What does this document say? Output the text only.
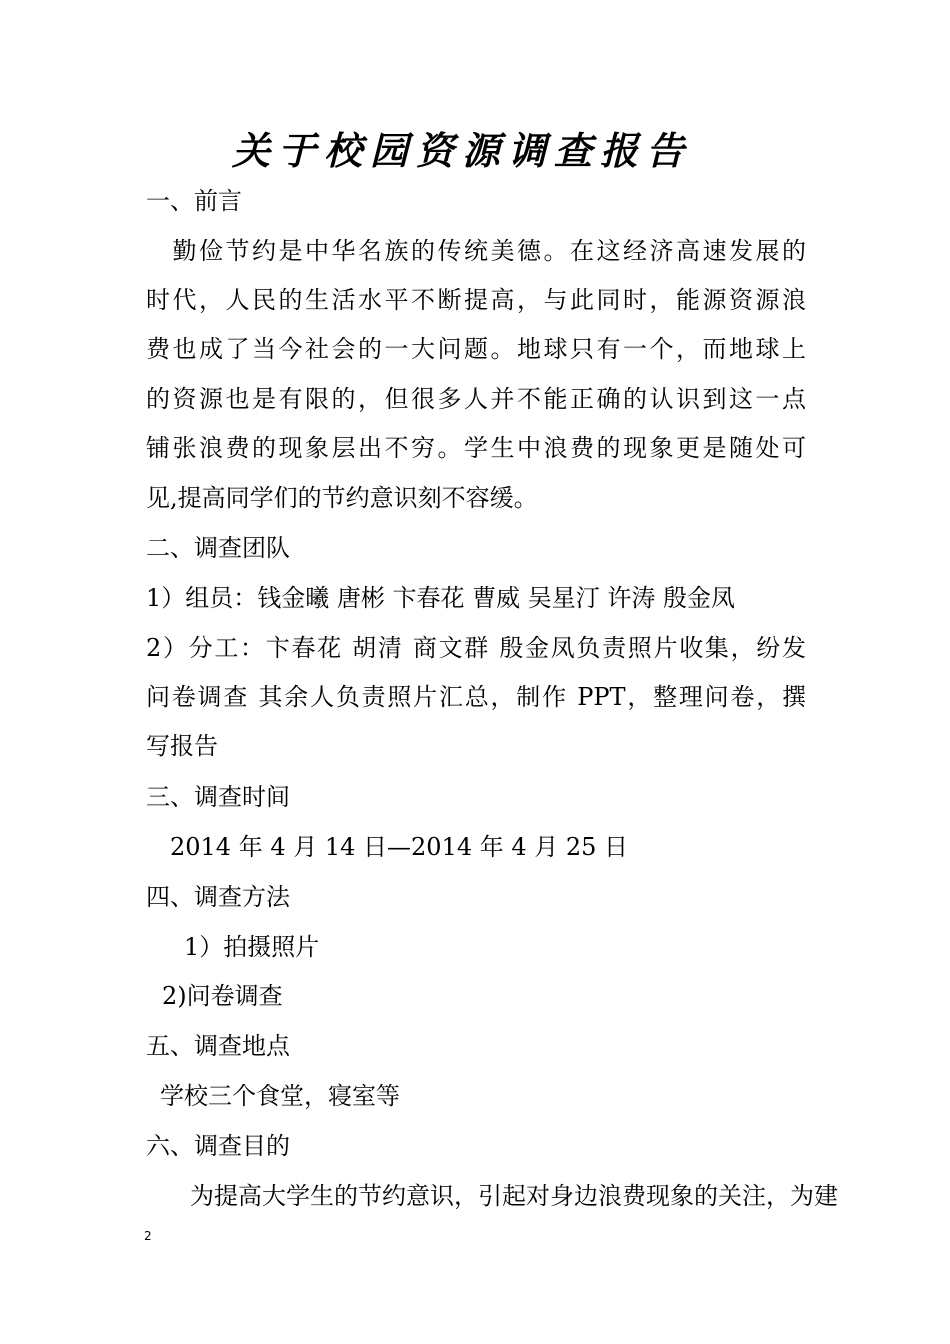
关于校园资源调查报告
一、前言
　勤俭节约是中华名族的传统美德。在这经济高速发展的
时代，人民的生活水平不断提高，与此同时，能源资源浪
费也成了当今社会的一大问题。地球只有一个，而地球上
的资源也是有限的，但很多人并不能正确的认识到这一点
铺张浪费的现象层出不穷。学生中浪费的现象更是随处可
见,提高同学们的节约意识刻不容缓。
二、调查团队
1）组员：钱金曦 唐彬 卞春花 曹威 吴星汀 许涛 殷金凤
2）分工：卞春花 胡清 商文群 殷金凤负责照片收集，纷发
问卷调查 其余人负责照片汇总，制作 PPT，整理问卷，撰
写报告
三、调查时间
2014 年 4 月 14 日—2014 年 4 月 25 日
四、调查方法
1）拍摄照片
2)问卷调查
五、调查地点
学校三个食堂，寝室等
六、调查目的
为提高大学生的节约意识，引起对身边浪费现象的关注，为建
2
